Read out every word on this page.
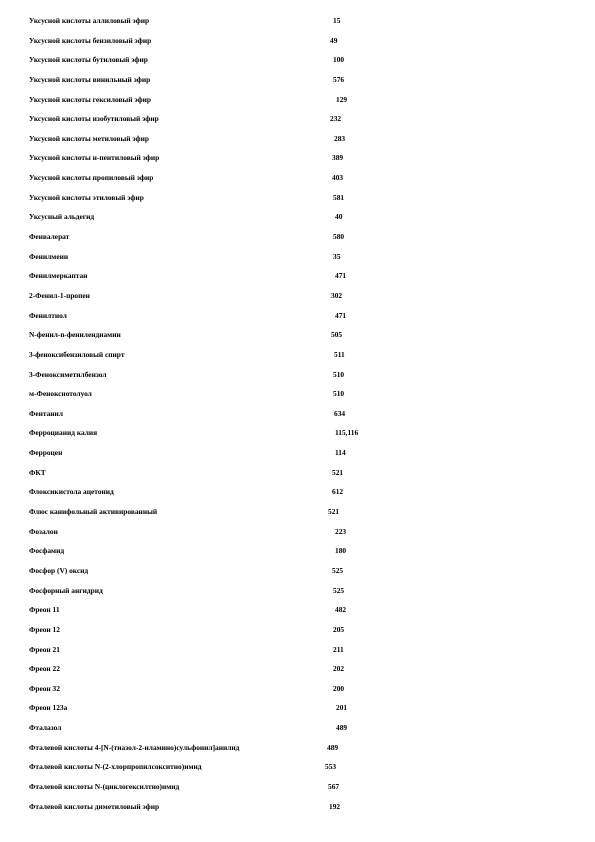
Уксусной кислоты аллиловый эфир	15
Уксусной кислоты бензиловый эфир	49
Уксусной кислоты бутиловый эфир	100
Уксусной кислоты винильный эфир	576
Уксусной кислоты гексиловый эфир	129
Уксусной кислоты изобутиловый эфир	232
Уксусной кислоты метиловый эфир	283
Уксусной кислоты н-пентиловый эфир	389
Уксусной кислоты пропиловый эфир	403
Уксусной кислоты этиловый эфир	581
Уксусный альдегид	40
Фенвалерат	580
Фенилмеин	35
Фенилмеркаптан	471
2-Фенил-1-пропен	302
Фенилтиол	471
N-фенил-n-фенилендиамин	505
3-феноксибензиловый спирт	511
3-Феноксиметилбензол	510
м-Феноксиотолуол	510
Фентанил	634
Ферроцианид калия	115,116
Ферроцен	114
ФКТ	521
Флоксикистола ацетонид	612
Флюс канифольный активированный	521
Фозалон	223
Фосфамид	180
Фосфор (V) оксид	525
Фосфорный ангидрид	525
Фреон 11	482
Фреон 12	205
Фреон 21	211
Фреон 22	202
Фреон 32	200
Фреон 123a	201
Фталазол	489
Фталевой кислоты 4-[N-(тиазол-2-иламино)сульфонил]анилид	489
Фталевой кислоты N-(2-хлорпропилсокситно)имид	553
Фталевой кислоты N-(циклогексилтио)имид	567
Фталевой кислоты диметиловый эфир	192
